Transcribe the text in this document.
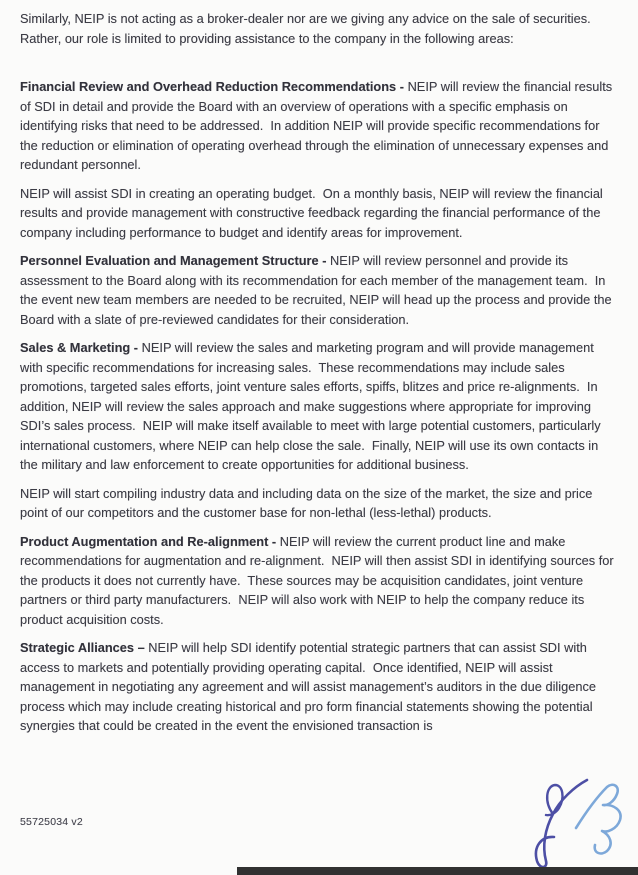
Similarly, NEIP is not acting as a broker-dealer nor are we giving any advice on the sale of securities.  Rather, our role is limited to providing assistance to the company in the following areas:

Financial Review and Overhead Reduction Recommendations - NEIP will review the financial results of SDI in detail and provide the Board with an overview of operations with a specific emphasis on identifying risks that need to be addressed.  In addition NEIP will provide specific recommendations for the reduction or elimination of operating overhead through the elimination of unnecessary expenses and redundant personnel.

NEIP will assist SDI in creating an operating budget.  On a monthly basis, NEIP will review the financial results and provide management with constructive feedback regarding the financial performance of the company including performance to budget and identify areas for improvement.

Personnel Evaluation and Management Structure - NEIP will review personnel and provide its assessment to the Board along with its recommendation for each member of the management team.  In the event new team members are needed to be recruited, NEIP will head up the process and provide the Board with a slate of pre-reviewed candidates for their consideration.

Sales & Marketing - NEIP will review the sales and marketing program and will provide management with specific recommendations for increasing sales.  These recommendations may include sales promotions, targeted sales efforts, joint venture sales efforts, spiffs, blitzes and price re-alignments.  In addition, NEIP will review the sales approach and make suggestions where appropriate for improving SDI’s sales process.  NEIP will make itself available to meet with large potential customers, particularly international customers, where NEIP can help close the sale.  Finally, NEIP will use its own contacts in the military and law enforcement to create opportunities for additional business.

NEIP will start compiling industry data and including data on the size of the market, the size and price point of our competitors and the customer base for non-lethal (less-lethal) products.

Product Augmentation and Re-alignment - NEIP will review the current product line and make recommendations for augmentation and re-alignment.  NEIP will then assist SDI in identifying sources for the products it does not currently have.  These sources may be acquisition candidates, joint venture partners or third party manufacturers.  NEIP will also work with NEIP to help the company reduce its product acquisition costs.

Strategic Alliances – NEIP will help SDI identify potential strategic partners that can assist SDI with access to markets and potentially providing operating capital.  Once identified, NEIP will assist management in negotiating any agreement and will assist management’s auditors in the due diligence process which may include creating historical and pro form financial statements showing the potential synergies that could be created in the event the envisioned transaction is

55725034 v2
